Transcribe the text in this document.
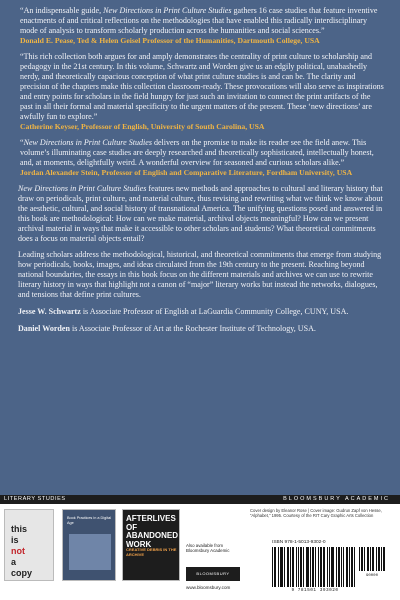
“An indispensable guide, New Directions in Print Culture Studies gathers 16 case studies that feature inventive enactments of and critical reflections on the methodologies that have enabled this radically interdisciplinary mode of analysis to transform scholarly production across the humanities and social sciences.”

Donald E. Pease, Ted & Helen Geisel Professor of the Humanities, Dartmouth College, USA

“This rich collection both argues for and amply demonstrates the centrality of print culture to scholarship and pedagogy in the 21st century. In this volume, Schwartz and Worden give us an edgily political, unabashedly nerdy, and theoretically capacious conception of what print culture studies is and can be. The clarity and precision of the chapters make this collection classroom-ready. These provocations will also serve as inspirations and entry points for scholars in the field hungry for just such an invitation to connect the print artifacts of the past in all their formal and material specificity to the urgent matters of the present. These ‘new directions’ are awfully fun to explore.”

Catherine Keyser, Professor of English, University of South Carolina, USA

“New Directions in Print Culture Studies delivers on the promise to make its reader see the field anew. This volume’s illuminating case studies are deeply researched and theoretically sophisticated, intellectually honest, and, at moments, delightfully weird. A wonderful overview for seasoned and curious scholars alike.”

Jordan Alexander Stein, Professor of English and Comparative Literature, Fordham University, USA

New Directions in Print Culture Studies features new methods and approaches to cultural and literary history that draw on periodicals, print culture, and material culture, thus revising and rewriting what we think we know about the aesthetic, cultural, and social history of transnational America. The unifying questions posed and answered in this book are methodological: How can we make material, archival objects meaningful? How can we present archival material in ways that make it accessible to other scholars and students? What theoretical commitments does a focus on material objects entail?

Leading scholars address the methodological, historical, and theoretical commitments that emerge from studying how periodicals, books, images, and ideas circulated from the 19th century to the present. Reaching beyond national boundaries, the essays in this book focus on the different materials and archives we can use to rewrite literary history in ways that highlight not a canon of “major” literary works but instead the networks, dialogues, and tensions that define print cultures.

Jesse W. Schwartz is Associate Professor of English at LaGuardia Community College, CUNY, USA.

Daniel Worden is Associate Professor of Art at the Rochester Institute of Technology, USA.

LITERARY STUDIES	BLOOMSBURY ACADEMIC
this
is
not
a
copy
Book Practices in a Digital Age	AFTERLIVES OF ABANDONED WORK
CREATIVE DEBRIS IN THE ARCHIVE
Also available from
Bloomsbury Academic
BLOOMSBURY
www.bloomsbury.com
Cover design by Eleanor Rose | Cover image: Gudrun Zapf von Hesse, “Alphabet,” 1995. Courtesy of the RIT Cary Graphic Arts Collection
ISBN 978-1-5013-9302-0
9 781501 393020
90000
